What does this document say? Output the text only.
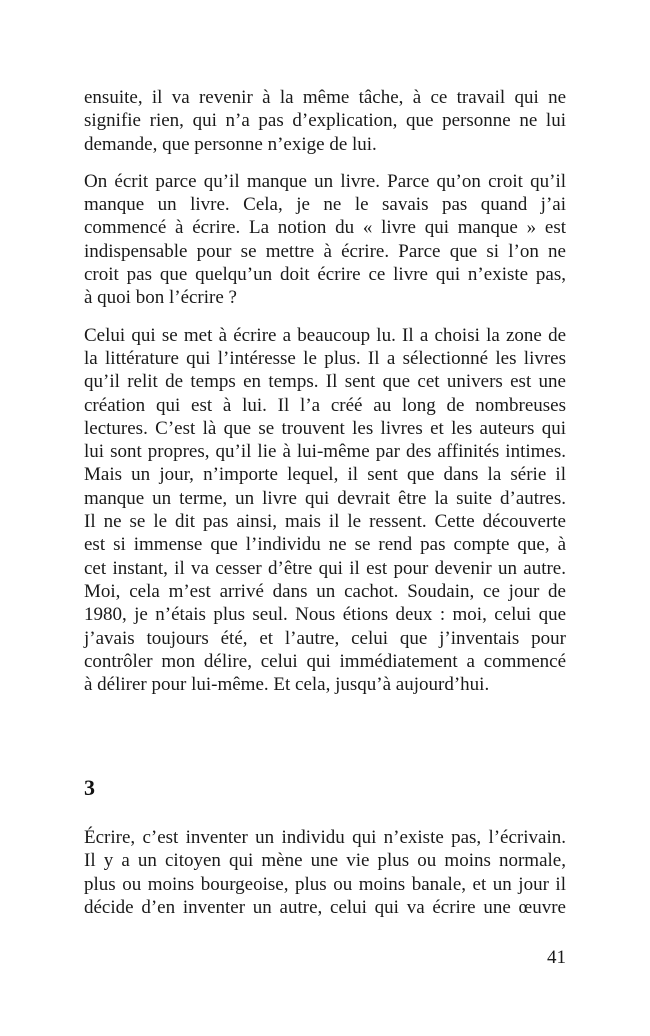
ensuite, il va revenir à la même tâche, à ce travail qui ne
signifie rien, qui n’a pas d’explication, que personne ne lui
demande, que personne n’exige de lui.

On écrit parce qu’il manque un livre. Parce qu’on croit qu’il
manque un livre. Cela, je ne le savais pas quand j’ai
commencé à écrire. La notion du « livre qui manque » est
indispensable pour se mettre à écrire. Parce que si l’on ne
croit pas que quelqu’un doit écrire ce livre qui n’existe pas,
à quoi bon l’écrire ?

Celui qui se met à écrire a beaucoup lu. Il a choisi la zone de
la littérature qui l’intéresse le plus. Il a sélectionné les livres
qu’il relit de temps en temps. Il sent que cet univers est une
création qui est à lui. Il l’a créé au long de nombreuses
lectures. C’est là que se trouvent les livres et les auteurs qui
lui sont propres, qu’il lie à lui-même par des affinités intimes.
Mais un jour, n’importe lequel, il sent que dans la série il
manque un terme, un livre qui devrait être la suite d’autres.
Il ne se le dit pas ainsi, mais il le ressent. Cette découverte
est si immense que l’individu ne se rend pas compte que, à
cet instant, il va cesser d’être qui il est pour devenir un autre.
Moi, cela m’est arrivé dans un cachot. Soudain, ce jour de
1980, je n’étais plus seul. Nous étions deux : moi, celui que
j’avais toujours été, et l’autre, celui que j’inventais pour
contrôler mon délire, celui qui immédiatement a commencé
à délirer pour lui-même. Et cela, jusqu’à aujourd’hui.

3
Écrire, c’est inventer un individu qui n’existe pas, l’écrivain.
Il y a un citoyen qui mène une vie plus ou moins normale,
plus ou moins bourgeoise, plus ou moins banale, et un jour il
décide d’en inventer un autre, celui qui va écrire une œuvre
41
